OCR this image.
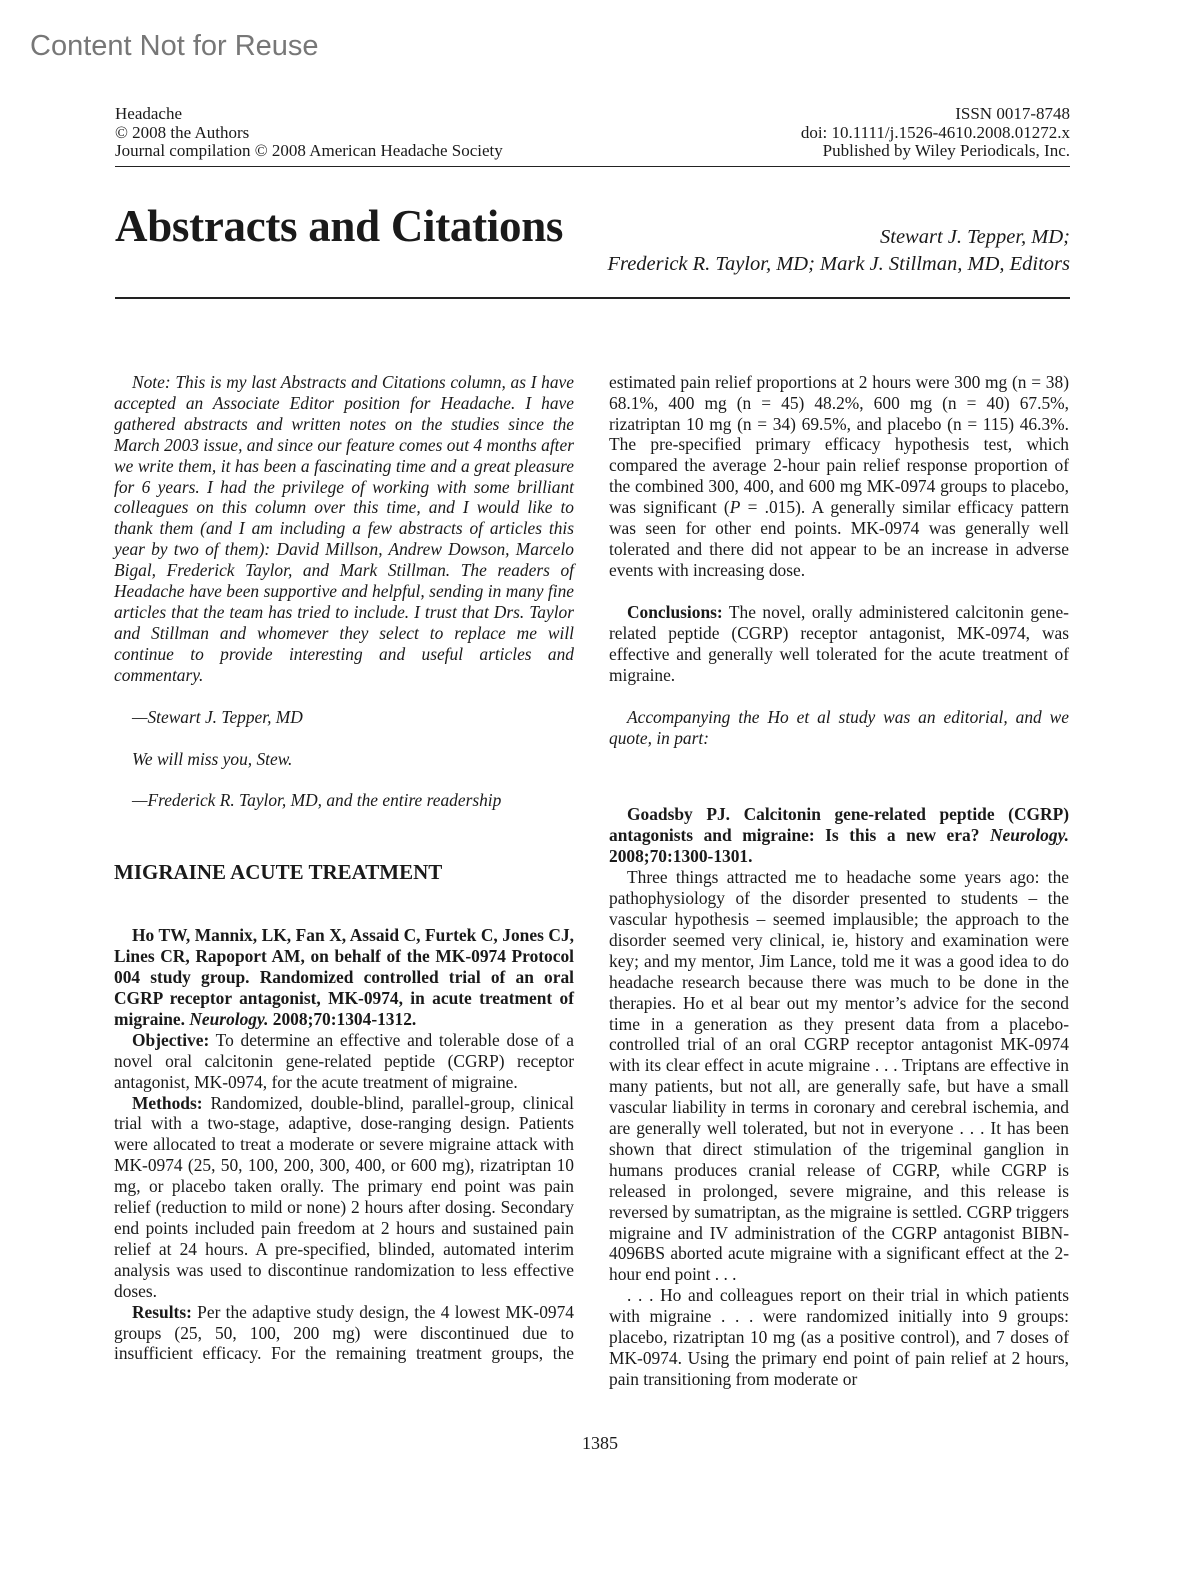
Content Not for Reuse
Headache
© 2008 the Authors
Journal compilation © 2008 American Headache Society
ISSN 0017-8748
doi: 10.1111/j.1526-4610.2008.01272.x
Published by Wiley Periodicals, Inc.
Abstracts and Citations	Stewart J. Tepper, MD;
Frederick R. Taylor, MD; Mark J. Stillman, MD, Editors

Note: This is my last Abstracts and Citations column, as I have accepted an Associate Editor position for Headache. I have gathered abstracts and written notes on the studies since the March 2003 issue, and since our feature comes out 4 months after we write them, it has been a fascinating time and a great pleasure for 6 years. I had the privilege of working with some brilliant colleagues on this column over this time, and I would like to thank them (and I am including a few abstracts of articles this year by two of them): David Millson, Andrew Dowson, Marcelo Bigal, Frederick Taylor, and Mark Stillman. The readers of Headache have been supportive and helpful, sending in many fine articles that the team has tried to include. I trust that Drs. Taylor and Stillman and whomever they select to replace me will continue to provide interesting and useful articles and commentary.

—Stewart J. Tepper, MD

We will miss you, Stew.

—Frederick R. Taylor, MD, and the entire readership

MIGRAINE ACUTE TREATMENT

Ho TW, Mannix, LK, Fan X, Assaid C, Furtek C, Jones CJ, Lines CR, Rapoport AM, on behalf of the MK-0974 Protocol 004 study group. Randomized controlled trial of an oral CGRP receptor antagonist, MK-0974, in acute treatment of migraine. Neurology. 2008;70:1304-1312.

Objective: To determine an effective and tolerable dose of a novel oral calcitonin gene-related peptide (CGRP) receptor antagonist, MK-0974, for the acute treatment of migraine.

Methods: Randomized, double-blind, parallel-group, clinical trial with a two-stage, adaptive, dose-ranging design. Patients were allocated to treat a moderate or severe migraine attack with MK-0974 (25, 50, 100, 200, 300, 400, or 600 mg), rizatriptan 10 mg, or placebo taken orally. The primary end point was pain relief (reduction to mild or none) 2 hours after dosing. Secondary end points included pain freedom at 2 hours and sustained pain relief at 24 hours. A pre-specified, blinded, automated interim analysis was used to discontinue randomization to less effective doses.

Results: Per the adaptive study design, the 4 lowest MK-0974 groups (25, 50, 100, 200 mg) were discontinued due to insufficient efficacy. For the remaining treatment groups, the

estimated pain relief proportions at 2 hours were 300 mg (n = 38) 68.1%, 400 mg (n = 45) 48.2%, 600 mg (n = 40) 67.5%, rizatriptan 10 mg (n = 34) 69.5%, and placebo (n = 115) 46.3%. The pre-specified primary efficacy hypothesis test, which compared the average 2-hour pain relief response proportion of the combined 300, 400, and 600 mg MK-0974 groups to placebo,

was significant (P = .015). A generally similar efficacy pattern was seen for other end points. MK-0974 was generally well tolerated and there did not appear to be an increase in adverse events with increasing dose.

Conclusions: The novel, orally administered calcitonin gene-related peptide (CGRP) receptor antagonist, MK-0974, was effective and generally well tolerated for the acute treatment of migraine.

Accompanying the Ho et al study was an editorial, and we quote, in part:

Goadsby PJ. Calcitonin gene-related peptide (CGRP) antagonists and migraine: Is this a new era? Neurology. 2008;70:1300-1301.

Three things attracted me to headache some years ago: the pathophysiology of the disorder presented to students – the vascular hypothesis – seemed implausible; the approach to the disorder seemed very clinical, ie, history and examination were key; and my mentor, Jim Lance, told me it was a good idea to do headache research because there was much to be done in the therapies. Ho et al bear out my mentor’s advice for the second time in a generation as they present data from a placebo-controlled trial of an oral CGRP receptor antagonist MK-0974 with its clear effect in acute migraine . . . Triptans are effective in many patients, but not all, are generally safe, but have a small vascular liability in terms in coronary and cerebral ischemia, and are generally well tolerated, but not in everyone . . . It has been shown that direct stimulation of the trigeminal ganglion in humans produces cranial release of CGRP, while CGRP is released in prolonged, severe migraine, and this release is reversed by sumatriptan, as the migraine is settled. CGRP triggers migraine and IV administration of the CGRP antagonist BIBN-4096BS aborted acute migraine with a significant effect at the 2-hour end point . . .

. . . Ho and colleagues report on their trial in which patients with migraine . . . were randomized initially into 9 groups: placebo, rizatriptan 10 mg (as a positive control), and 7 doses of MK-0974. Using the primary end point of pain relief at 2 hours, pain transitioning from moderate or

1385
